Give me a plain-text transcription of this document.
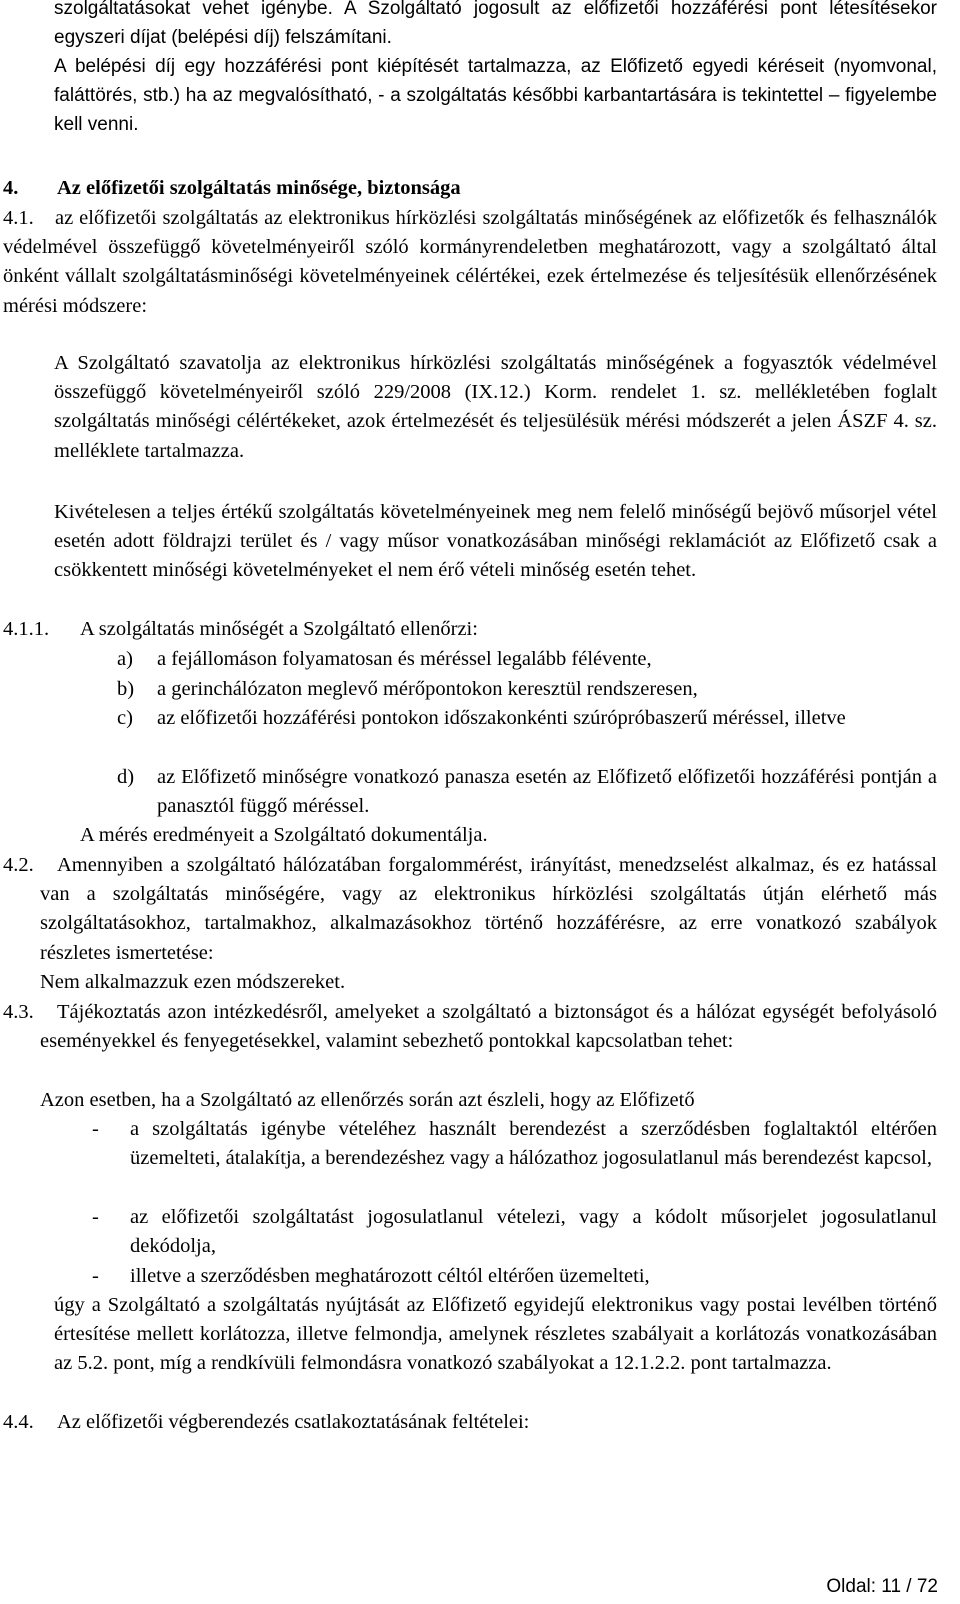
szolgáltatásokat vehet igénybe. A Szolgáltató jogosult az előfizetői hozzáférési pont létesítésekor egyszeri díjat (belépési díj) felszámítani.
A belépési díj egy hozzáférési pont kiépítését tartalmazza, az Előfizető egyedi kéréseit (nyomvonal, faláttörés, stb.) ha az megvalósítható, - a szolgáltatás későbbi karbantartására is tekintettel – figyelembe kell venni.
4. Az előfizetői szolgáltatás minősége, biztonsága
4.1.	az előfizetői szolgáltatás az elektronikus hírközlési szolgáltatás minőségének az előfizetők és felhasználók védelmével összefüggő követelményeiről szóló kormányrendeletben meghatározott, vagy a szolgáltató által önként vállalt szolgáltatásminőségi követelményeinek célértékei, ezek értelmezése és teljesítésük ellenőrzésének mérési módszere:
A Szolgáltató szavatolja az elektronikus hírközlési szolgáltatás minőségének a fogyasztók védelmével összefüggő követelményeiről szóló 229/2008 (IX.12.) Korm. rendelet 1. sz. mellékletében foglalt szolgáltatás minőségi célértékeket, azok értelmezését és teljesülésük mérési módszerét a jelen ÁSZF 4. sz. melléklete tartalmazza.
Kivételesen a teljes értékű szolgáltatás követelményeinek meg nem felelő minőségű bejövő műsorjel vétel esetén adott földrajzi terület és / vagy műsor vonatkozásában minőségi reklamációt az Előfizető csak a csökkentett minőségi követelményeket el nem érő vételi minőség esetén tehet.
4.1.1. A szolgáltatás minőségét a Szolgáltató ellenőrzi:
a) a fejállomáson folyamatosan és méréssel legalább félévente,
b) a gerinchálózaton meglevő mérőpontokon keresztül rendszeresen,
c) az előfizetői hozzáférési pontokon időszakonkénti szúrópróbaszerű méréssel, illetve
d) az Előfizető minőségre vonatkozó panasza esetén az Előfizető előfizetői hozzáférési pontján a panasztól függő méréssel.
A mérés eredményeit a Szolgáltató dokumentálja.
4.2.	Amennyiben a szolgáltató hálózatában forgalommérést, irányítást, menedzselést alkalmaz, és ez hatással van a szolgáltatás minőségére, vagy az elektronikus hírközlési szolgáltatás útján elérhető más szolgáltatásokhoz, tartalmakhoz, alkalmazásokhoz történő hozzáférésre, az erre vonatkozó szabályok részletes ismertetése:
Nem alkalmazzuk ezen módszereket.
4.3.	Tájékoztatás azon intézkedésről, amelyeket a szolgáltató a biztonságot és a hálózat egységét befolyásoló eseményekkel és fenyegetésekkel, valamint sebezhető pontokkal kapcsolatban tehet:
Azon esetben, ha a Szolgáltató az ellenőrzés során azt észleli, hogy az Előfizető
- a szolgáltatás igénybe vételéhez használt berendezést a szerződésben foglaltaktól eltérően üzemelteti, átalakítja, a berendezéshez vagy a hálózathoz jogosulatlanul más berendezést kapcsol,
- az előfizetői szolgáltatást jogosulatlanul vételezi, vagy a kódolt műsorjelet jogosulatlanul dekódolja,
- illetve a szerződésben meghatározott céltól eltérően üzemelteti,
úgy a Szolgáltató a szolgáltatás nyújtását az Előfizető egyidejű elektronikus vagy postai levélben történő értesítése mellett korlátozza, illetve felmondja, amelynek részletes szabályait a korlátozás vonatkozásában az 5.2. pont, míg a rendkívüli felmondásra vonatkozó szabályokat a 12.1.2.2. pont tartalmazza.
4.4. Az előfizetői végberendezés csatlakoztatásának feltételei:
Oldal: 11 / 72
